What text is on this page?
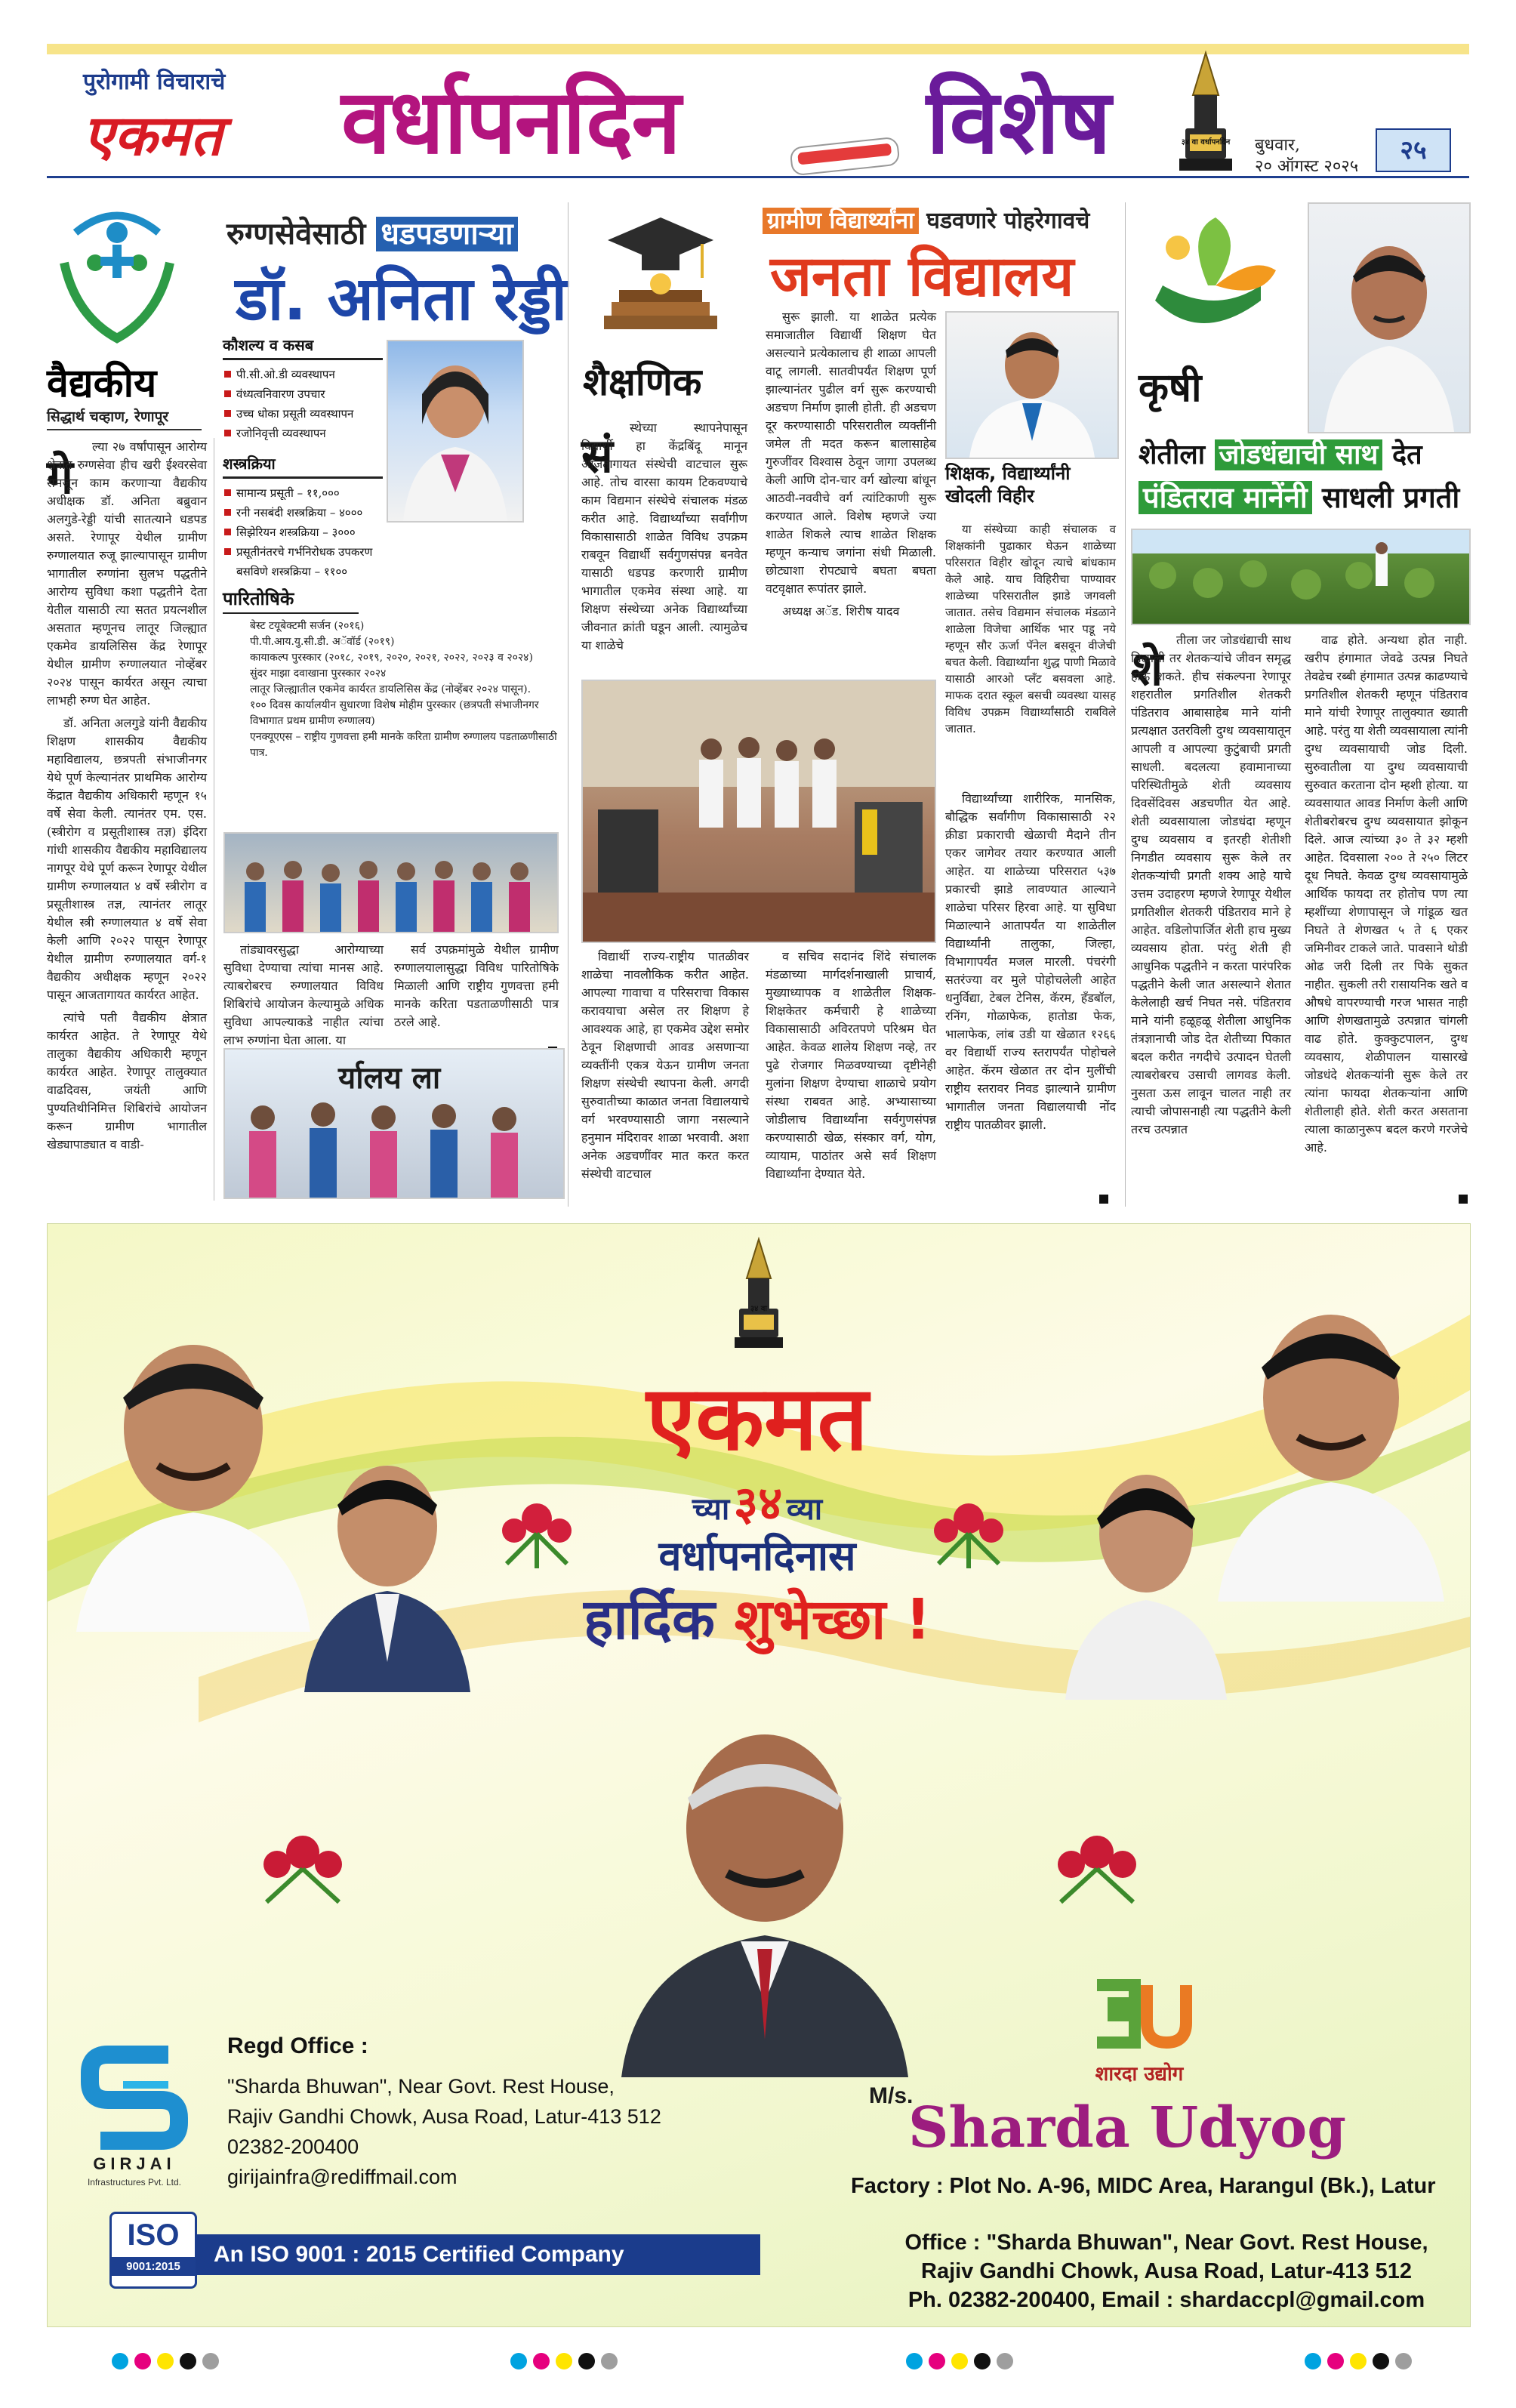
पुरोगामी विचाराचे
एकमत वर्धापनदिन	विशेष	३४ वा वर्धापनदिन	बुधवार,
२० ऑगस्ट २०२५
२५
वैद्यकीय
सिद्धार्थ चव्हाण, रेणापूर
रुग्णसेवेसाठी धडपडणाऱ्या
डॉ. अनिता रेड्डी
कौशल्य व कसब
पी.सी.ओ.डी व्यवस्थापन
वंध्यत्वनिवारण उपचार
उच्च धोका प्रसूती व्यवस्थापन
रजोनिवृत्ती व्यवस्थापन
शस्त्रक्रिया
सामान्य प्रसूती – ११,०००
रनी नसबंदी शस्त्रक्रिया – ४०००
सिझेरियन शस्त्रक्रिया – ३०००
प्रसूतीनंतरचे गर्भनिरोधक उपकरण बसविणे शस्त्रक्रिया – ११००
पारितोषिके
बेस्ट टयूबेक्टमी सर्जन (२०१६)
पी.पी.आय.यु.सी.डी. अॅवॉर्ड (२०१९)
कायाकल्प पुरस्कार (२०१८, २०१९, २०२०, २०२१, २०२२, २०२३ व २०२४)
सुंदर माझा दवाखाना पुरस्कार २०२४
लातूर जिल्ह्यातील एकमेव कार्यरत डायलिसिस केंद्र (नोव्हेंबर २०२४ पासून).
१०० दिवस कार्यालयीन सुधारणा विशेष मोहीम पुरस्कार (छत्रपती संभाजीनगर विभागात प्रथम ग्रामीण रुग्णालय)
एनक्यूएएस – राष्ट्रीय गुणवत्ता हमी मानके करिता ग्रामीण रुग्णालय पडताळणीसाठी पात्र.
गे

ल्या २७ वर्षांपासून आरोग्य क्षेत्रात रुग्णसेवा हीच खरी ईश्वरसेवा समजून काम करणाऱ्या वैद्यकीय अधीक्षक डॉ. अनिता बब्रुवान अलगुडे-रेड्डी यांची सातत्याने धडपड असते. रेणापूर येथील ग्रामीण रुग्णालयात रुजू झाल्यापासून ग्रामीण भागातील रुग्णांना सुलभ पद्धतीने आरोग्य सुविधा कशा पद्धतीने देता येतील यासाठी त्या सतत प्रयत्नशील असतात म्हणूनच लातूर जिल्ह्यात एकमेव डायलिसिस केंद्र रेणापूर येथील ग्रामीण रुग्णालयात नोव्हेंबर २०२४ पासून कार्यरत असून त्याचा लाभही रुग्ण घेत आहेत.

डॉ. अनिता अलगुडे यांनी वैद्यकीय शिक्षण शासकीय वैद्यकीय महाविद्यालय, छत्रपती संभाजीनगर येथे पूर्ण केल्यानंतर प्राथमिक आरोग्य केंद्रात वैद्यकीय अधिकारी म्हणून १५ वर्षे सेवा केली. त्यानंतर एम. एस. (स्त्रीरोग व प्रसूतीशास्त्र तज्ञ) इंदिरा गांधी शासकीय वैद्यकीय महाविद्यालय नागपूर येथे पूर्ण करून रेणापूर येथील ग्रामीण रुग्णालयात ४ वर्षे स्त्रीरोग व प्रसूतीशास्त्र तज्ञ, त्यानंतर लातूर येथील स्त्री रुग्णालयात ४ वर्षे सेवा केली आणि २०२२ पासून रेणापूर येथील ग्रामीण रुग्णालयात वर्ग-१ वैद्यकीय अधीक्षक म्हणून २०२२ पासून आजतागायत कार्यरत आहेत.

त्यांचे पती वैद्यकीय क्षेत्रात कार्यरत आहेत. ते रेणापूर येथे तालुका वैद्यकीय अधिकारी म्हणून कार्यरत आहेत. रेणापूर तालुक्यात वाढदिवस, जयंती आणि पुण्यतिथीनिमित्त शिबिरांचे आयोजन करून ग्रामीण भागातील खेड्यापाड्यात व वाडी-

तांड्यावरसुद्धा आरोग्याच्या सुविधा देण्याचा त्यांचा मानस आहे. त्याबरोबरच रुग्णालयात विविध शिबिरांचे आयोजन केल्यामुळे अधिक सुविधा आपल्याकडे नाहीत त्यांचा लाभ रुग्णांना घेता आला. या

सर्व उपक्रमांमुळे येथील ग्रामीण रुग्णालयालासुद्धा विविध पारितोषिके मिळाली आणि राष्ट्रीय गुणवत्ता हमी मानके करिता पडताळणीसाठी पात्र ठरले आहे.

र्यालय ला
शैक्षणिक
ग्रामीण विद्यार्थ्यांना घडवणारे पोहरेगावचे
जनता विद्यालय
सं

स्थेच्या स्थापनेपासून विद्यार्थी हा केंद्रबिंदू मानून आजतागायत संस्थेची वाटचाल सुरू आहे. तोच वारसा कायम टिकवण्याचे काम विद्यमान संस्थेचे संचालक मंडळ करीत आहे. विद्यार्थ्यांच्या सर्वांगीण विकासासाठी शाळेत विविध उपक्रम राबवून विद्यार्थी सर्वगुणसंपन्न बनवेत यासाठी धडपड करणारी ग्रामीण भागातील एकमेव संस्था आहे. या शिक्षण संस्थेच्या अनेक विद्यार्थ्यांच्या जीवनात क्रांती घडून आली. त्यामुळेच या शाळेचे

सुरू झाली. या शाळेत प्रत्येक समाजातील विद्यार्थी शिक्षण घेत असल्याने प्रत्येकालाच ही शाळा आपली वाटू लागली. सातवीपर्यंत शिक्षण पूर्ण झाल्यानंतर पुढील वर्ग सुरू करण्याची अडचण निर्माण झाली होती. ही अडचण दूर करण्यासाठी परिसरातील व्यक्तींनी जमेल ती मदत करून बालासाहेब गुरुजींवर विश्वास ठेवून जागा उपलब्ध केली आणि दोन-चार वर्ग खोल्या बांधून आठवी-नववीचे वर्ग त्यांटिकाणी सुरू करण्यात आले. विशेष म्हणजे ज्या शाळेत शिकले त्याच शाळेत शिक्षक म्हणून कन्याच जगांना संधी मिळाली. छोट्याशा रोपट्याचे बघता बघता वटवृक्षात रूपांतर झाले.

अध्यक्ष अॅड. शिरीष यादव

शिक्षक, विद्यार्थ्यांनी खोदली विहीर

या संस्थेच्या काही संचालक व शिक्षकांनी पुढाकार घेऊन शाळेच्या परिसरात विहीर खोदून त्याचे बांधकाम केले आहे. याच विहिरीचा पाण्यावर शाळेच्या परिसरातील झाडे जगवली जातात. तसेच विद्यमान संचालक मंडळाने शाळेला विजेचा आर्थिक भार पडू नये म्हणून सौर ऊर्जा पॅनेल बसवून वीजेची बचत केली. विद्यार्थ्यांना शुद्ध पाणी मिळावे यासाठी आरओ प्लँट बसवला आहे. माफक दरात स्कूल बसची व्यवस्था यासह विविध उपक्रम विद्यार्थ्यांसाठी राबविले जातात.

विद्यार्थी राज्य-राष्ट्रीय पातळीवर शाळेचा नावलौकिक करीत आहेत. आपल्या गावाचा व परिसराचा विकास करावयाचा असेल तर शिक्षण हे आवश्यक आहे, हा एकमेव उद्देश समोर ठेवून शिक्षणाची आवड असणाऱ्या व्यक्तींनी एकत्र येऊन ग्रामीण जनता शिक्षण संस्थेची स्थापना केली. अगदी सुरुवातीच्या काळात जनता विद्यालयाचे वर्ग भरवण्यासाठी जागा नसल्याने हनुमान मंदिरावर शाळा भरवावी. अशा अनेक अडचणींवर मात करत करत संस्थेची वाटचाल

व सचिव सदानंद शिंदे संचालक मंडळाच्या मार्गदर्शनाखाली प्राचार्य, मुख्याध्यापक व शाळेतील शिक्षक-शिक्षकेतर कर्मचारी हे शाळेच्या विकासासाठी अविरतपणे परिश्रम घेत आहेत. केवळ शालेय शिक्षण नव्हे, तर पुढे रोजगार मिळवण्याच्या दृष्टीनेही मुलांना शिक्षण देण्याचा शाळाचे प्रयोग संस्था राबवत आहे. अभ्यासाच्या जोडीलाच विद्यार्थ्यांना सर्वगुणसंपन्न करण्यासाठी खेळ, संस्कार वर्ग, योग, व्यायाम, पाठांतर असे सर्व शिक्षण विद्यार्थ्यांना देण्यात येते.

विद्यार्थ्यांच्या शारीरिक, मानसिक, बौद्धिक सर्वांगीण विकासासाठी २२ क्रीडा प्रकाराची खेळाची मैदाने तीन एकर जागेवर तयार करण्यात आली आहेत. या शाळेच्या परिसरात ५३७ प्रकारची झाडे लावण्यात आल्याने शाळेचा परिसर हिरवा आहे. या सुविधा मिळाल्याने आतापर्यंत या शाळेतील विद्यार्थ्यांनी तालुका, जिल्हा, विभागापर्यंत मजल मारली. पंचरंगी सतरंज्या वर मुले पोहोचलेली आहेत धनुर्विद्या, टेबल टेनिस, कॅरम, हॅंडबॉल, रनिंग, गोळाफेक, हातोडा फेक, भालाफेक, लांब उडी या खेळात १२६६ वर विद्यार्थी राज्य स्तरापर्यंत पोहोचले आहेत. कॅरम खेळात तर दोन मुलींची राष्ट्रीय स्तरावर निवड झाल्याने ग्रामीण भागातील जनता विद्यालयाची नोंद राष्ट्रीय पातळीवर झाली.

कृषी
शेतीला जोडधंद्याची साथ देत
पंडितराव मानेंनी साधली प्रगती
शे

तीला जर जोडधंद्याची साथ मिळाली तर शेतकऱ्यांचे जीवन समृद्ध होऊ शकते. हीच संकल्पना रेणापूर शहरातील प्रगतिशील शेतकरी पंडितराव आबासाहेब माने यांनी प्रत्यक्षात उतरविली दुग्ध व्यवसायातून आपली व आपल्या कुटुंबाची प्रगती साधली. बदलत्या हवामानाच्या परिस्थितीमुळे शेती व्यवसाय दिवसेंदिवस अडचणीत येत आहे. शेती व्यवसायाला जोडधंदा म्हणून दुग्ध व्यवसाय व इतरही शेतीशी निगडीत व्यवसाय सुरू केले तर शेतकऱ्यांची प्रगती शक्य आहे याचे उत्तम उदाहरण म्हणजे रेणापूर येथील प्रगतिशील शेतकरी पंडितराव माने हे आहेत. वडिलोपार्जित शेती हाच मुख्य व्यवसाय होता. परंतु शेती ही आधुनिक पद्धतीने न करता पारंपरिक पद्धतीने केली जात असल्याने शेतात केलेलाही खर्च निघत नसे. पंडितराव माने यांनी हळूहळू शेतीला आधुनिक तंत्रज्ञानाची जोड देत शेतीच्या पिकात बदल करीत नगदीचे उत्पादन घेतली त्याबरोबरच उसाची लागवड केली. नुसता ऊस लावून चालत नाही तर त्याची जोपासनाही त्या पद्धतीने केली तरच उत्पन्नात

वाढ होते. अन्यथा होत नाही. खरीप हंगामात जेवढे उत्पन्न निघते तेवढेच रब्बी हंगामात उत्पन्न काढण्याचे प्रगतिशील शेतकरी म्हणून पंडितराव माने यांची रेणापूर तालुक्यात ख्याती आहे. परंतु या शेती व्यवसायाला त्यांनी दुग्ध व्यवसायाची जोड दिली. सुरुवातीला या दुग्ध व्यवसायाची सुरुवात करताना दोन म्हशी होत्या. या व्यवसायात आवड निर्माण केली आणि शेतीबरोबरच दुग्ध व्यवसायात झोकून दिले. आज त्यांच्या ३० ते ३२ म्हशी आहेत. दिवसाला २०० ते २५० लिटर दूध निघते. केवळ दुग्ध व्यवसायामुळे आर्थिक फायदा तर होतोच पण त्या म्हशींच्या शेणापासून जे गांडूळ खत निघते ते शेणखत ५ ते ६ एकर जमिनीवर टाकले जाते. पावसाने थोडी ओढ जरी दिली तर पिके सुकत नाहीत. सुकली तरी रासायनिक खते व औषधे वापरण्याची गरज भासत नाही आणि शेणखतामुळे उत्पन्नात चांगली वाढ होते. कुक्कुटपालन, दुग्ध व्यवसाय, शेळीपालन यासारखे जोडधंदे शेतकऱ्यांनी सुरू केले तर त्यांना फायदा शेतकऱ्यांना आणि शेतीलाही होते. शेती करत असताना त्याला काळानुरूप बदल करणे गरजेचे आहे.

३४ वा
एकमत
च्या ३४ व्या
वर्धापनदिनास
हार्दिक शुभेच्छा !
GIRJAI
Infrastructures Pvt. Ltd.
Regd Office :
"Sharda Bhuwan", Near Govt. Rest House,
Rajiv Gandhi Chowk, Ausa Road, Latur-413 512
02382-200400
girijainfra@rediffmail.com
ISO
9001:2015	An ISO 9001 : 2015 Certified Company
शारदा उद्योग
M/s.
Sharda Udyog
Factory : Plot No. A-96, MIDC Area, Harangul (Bk.), Latur
Office : "Sharda Bhuwan", Near Govt. Rest House,
Rajiv Gandhi Chowk, Ausa Road, Latur-413 512
Ph. 02382-200400, Email : shardaccpl@gmail.com
